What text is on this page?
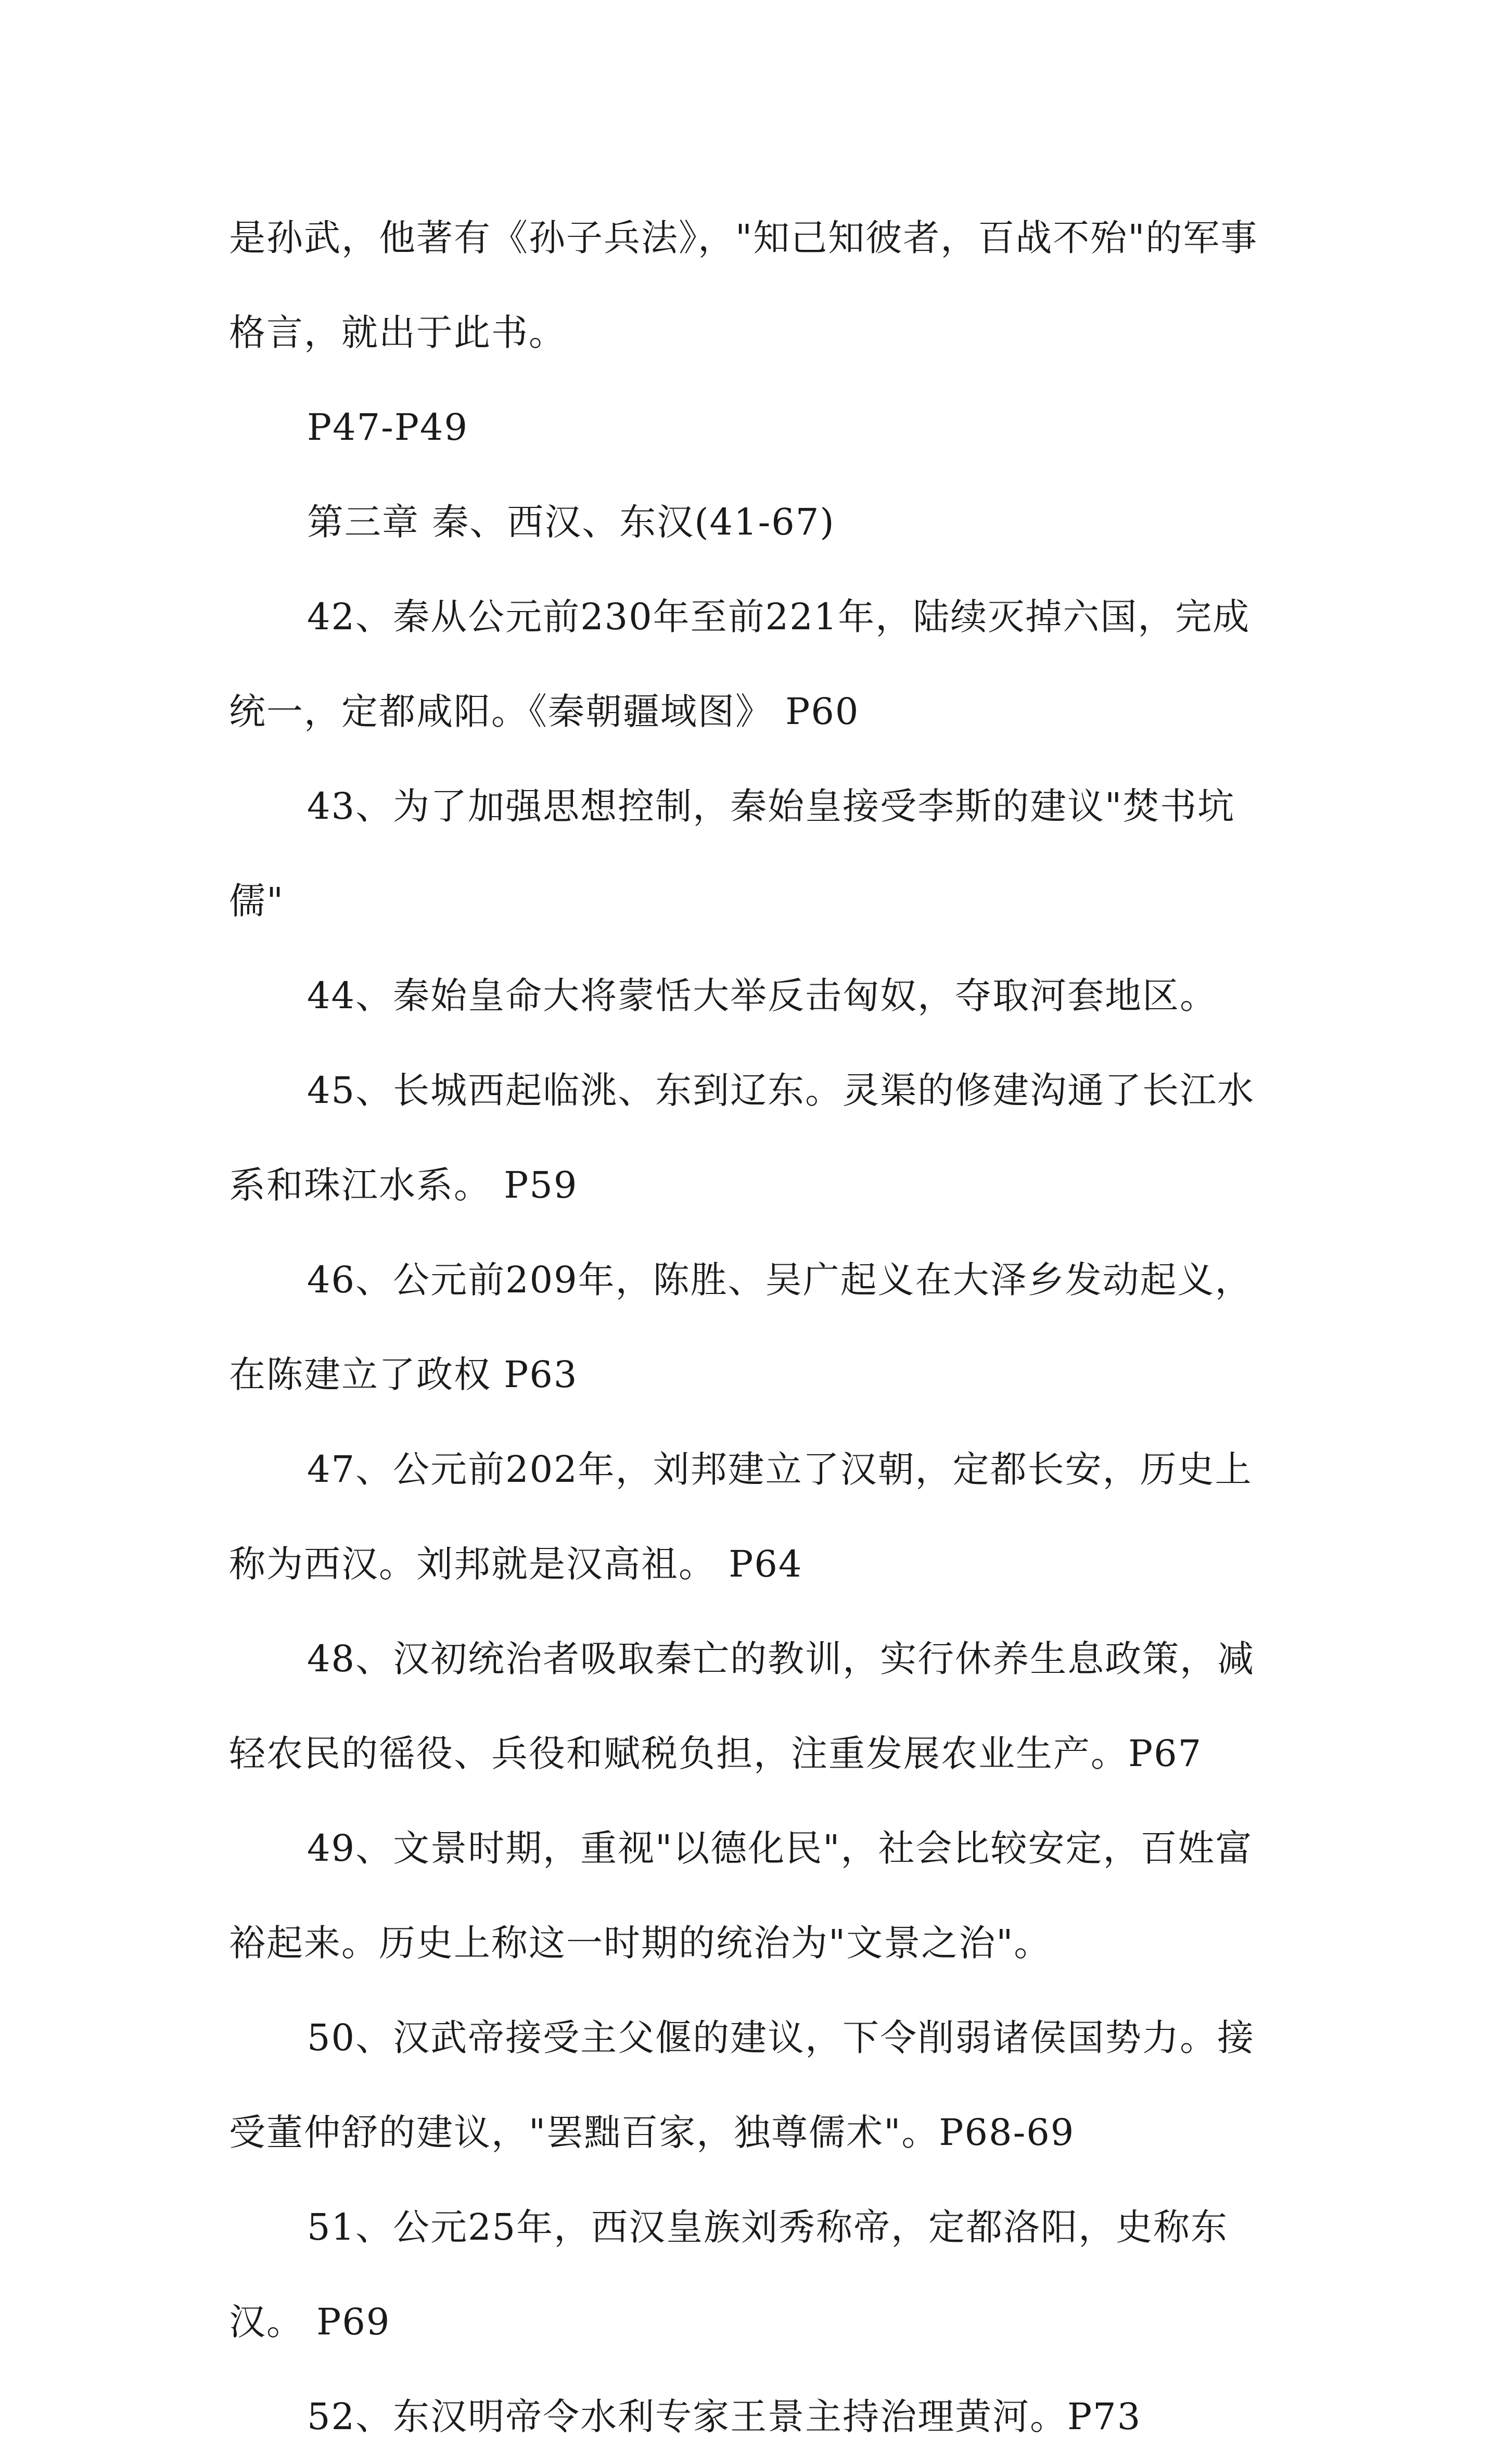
是孙武，他著有《孙子兵法》，"知己知彼者，百战不殆"的军事格言，就出于此书。

P47-P49

第三章 秦、西汉、东汉(41-67)

42、秦从公元前230年至前221年，陆续灭掉六国，完成统一，定都咸阳。《秦朝疆域图》 P60

43、为了加强思想控制，秦始皇接受李斯的建议"焚书坑儒"

44、秦始皇命大将蒙恬大举反击匈奴，夺取河套地区。

45、长城西起临洮、东到辽东。灵渠的修建沟通了长江水系和珠江水系。 P59

46、公元前209年，陈胜、吴广起义在大泽乡发动起义，在陈建立了政权 P63

47、公元前202年，刘邦建立了汉朝，定都长安，历史上称为西汉。刘邦就是汉高祖。 P64

48、汉初统治者吸取秦亡的教训，实行休养生息政策，减轻农民的徭役、兵役和赋税负担，注重发展农业生产。P67

49、文景时期，重视"以德化民"，社会比较安定，百姓富裕起来。历史上称这一时期的统治为"文景之治"。

50、汉武帝接受主父偃的建议，下令削弱诸侯国势力。接受董仲舒的建议，"罢黜百家，独尊儒术"。P68-69

51、公元25年，西汉皇族刘秀称帝，定都洛阳，史称东汉。 P69

52、东汉明帝令水利专家王景主持治理黄河。P73
